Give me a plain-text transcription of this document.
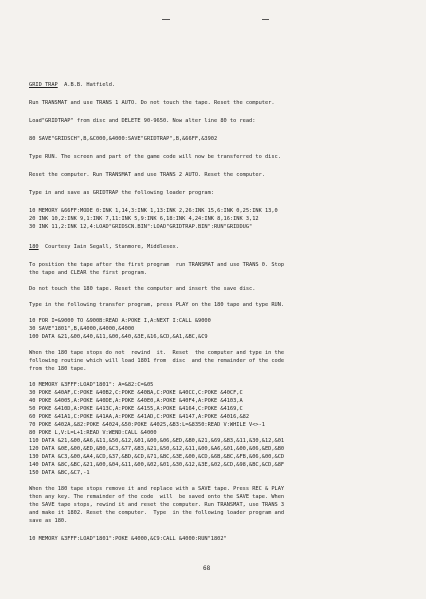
GRID TRAP A.B.B. Hatfield.
Run TRANSMAT and use TRANS 1 AUTO. Do not touch the tape. Reset the computer.
Load"GRIDTRAP" from disc and DELETE 90-9650. Now alter line 80 to read:
80 SAVE"GRIDSCH",B,&C000,&4000:SAVE"GRIDTRAP",B,&66FF,&3902
Type RUN. The screen and part of the game code will now be transferred to disc.
Reset the computer. Run TRANSMAT and use TRANS 2 AUTO. Reset the computer.
Type in and save as GRIDTRAP the following loader program:
10 MEMORY &66FF:MODE 0:INK 1,14,3:INK 1,13:INK 2,26:INK 15,6:INK 0,25:INK 13,0
20 INK 10,2:INK 9,1:INK 7,11:INK 5,9:INK 6,18:INK 4,24:INK 8,16:INK 3,12
30 INK 11,2:INK 12,4:LOAD"GRIDSCN.BIN":LOAD"GRIDTRAP.BIN":RUN"GRIDDUG"
180 Courtesy Iain Segall, Stanmore, Middlesex.
To position the tape after the first program  run TRANSMAT and use TRANS 0. Stop
the tape and CLEAR the first program.
Do not touch the 180 tape. Reset the computer and insert the save disc.
Type in the following transfer program, press PLAY on the 180 tape and type RUN.
10 FOR I=&9000 TO &900B:READ A:POKE I,A:NEXT I:CALL &9000
30 SAVE"1801",B,&4000,&4000,&4000
100 DATA &21,&00,&40,&11,&00,&40,&3E,&16,&CD,&A1,&BC,&C9
When the 180 tape stops do not  rewind  it.  Reset  the computer and type in the
following routine which will load 1801 from  disc  and the remainder of the code
from the 180 tape.
10 MEMORY &3FFF:LOAD"1801": A=&82:C=&05
30 POKE &40AF,C:POKE &40B2,C:POKE &40BA,C:POKE &40CC,C:POKE &40CF,C
40 POKE &4005,A:POKE &40DE,A:POKE &40E0,A:POKE &40F4,A:POKE &4103,A
50 POKE &410D,A:POKE &413C,A:POKE &4155,A:POKE &4164,C:POKE &4169,C
60 POKE &41A1,C:POKE &41AA,A:POKE &41AD,C:POKE &4147,A:POKE &4016,&82
70 POKE &402A,&82:POKE &4024,&50:POKE &4025,&B3:L=&8350:READ V:WHILE V<>-1
80 POKE L,V:L=L+1:READ V:WEND:CALL &4000
110 DATA &21,&00,&A6,&11,&50,&12,&01,&00,&06,&ED,&B0,&21,&69,&B3,&11,&30,&12,&01
120 DATA &0E,&00,&ED,&B0,&C3,&77,&B3,&21,&50,&12,&11,&00,&A6,&01,&00,&06,&ED,&B0
130 DATA &C3,&00,&A4,&CD,&37,&BD,&CD,&71,&BC,&3E,&00,&CD,&6B,&BC,&FB,&06,&00,&CD
140 DATA &8C,&BC,&21,&00,&04,&11,&00,&02,&01,&30,&12,&3E,&02,&CD,&98,&BC,&CD,&8F
150 DATA &BC,&C7,-1
When the 180 tape stops remove it and replace with a SAVE tape. Press REC & PLAY
then any key. The remainder of the code  will  be saved onto the SAVE tape. When
the SAVE tape stops, rewind it and reset the computer. Run TRANSMAT, use TRANS 3
and make it 1802. Reset the computer.  Type  in the following loader program and
save as 180.
10 MEMORY &3FFF:LOAD"1801":POKE &4000,&C9:CALL &4000:RUN"1802"
68
